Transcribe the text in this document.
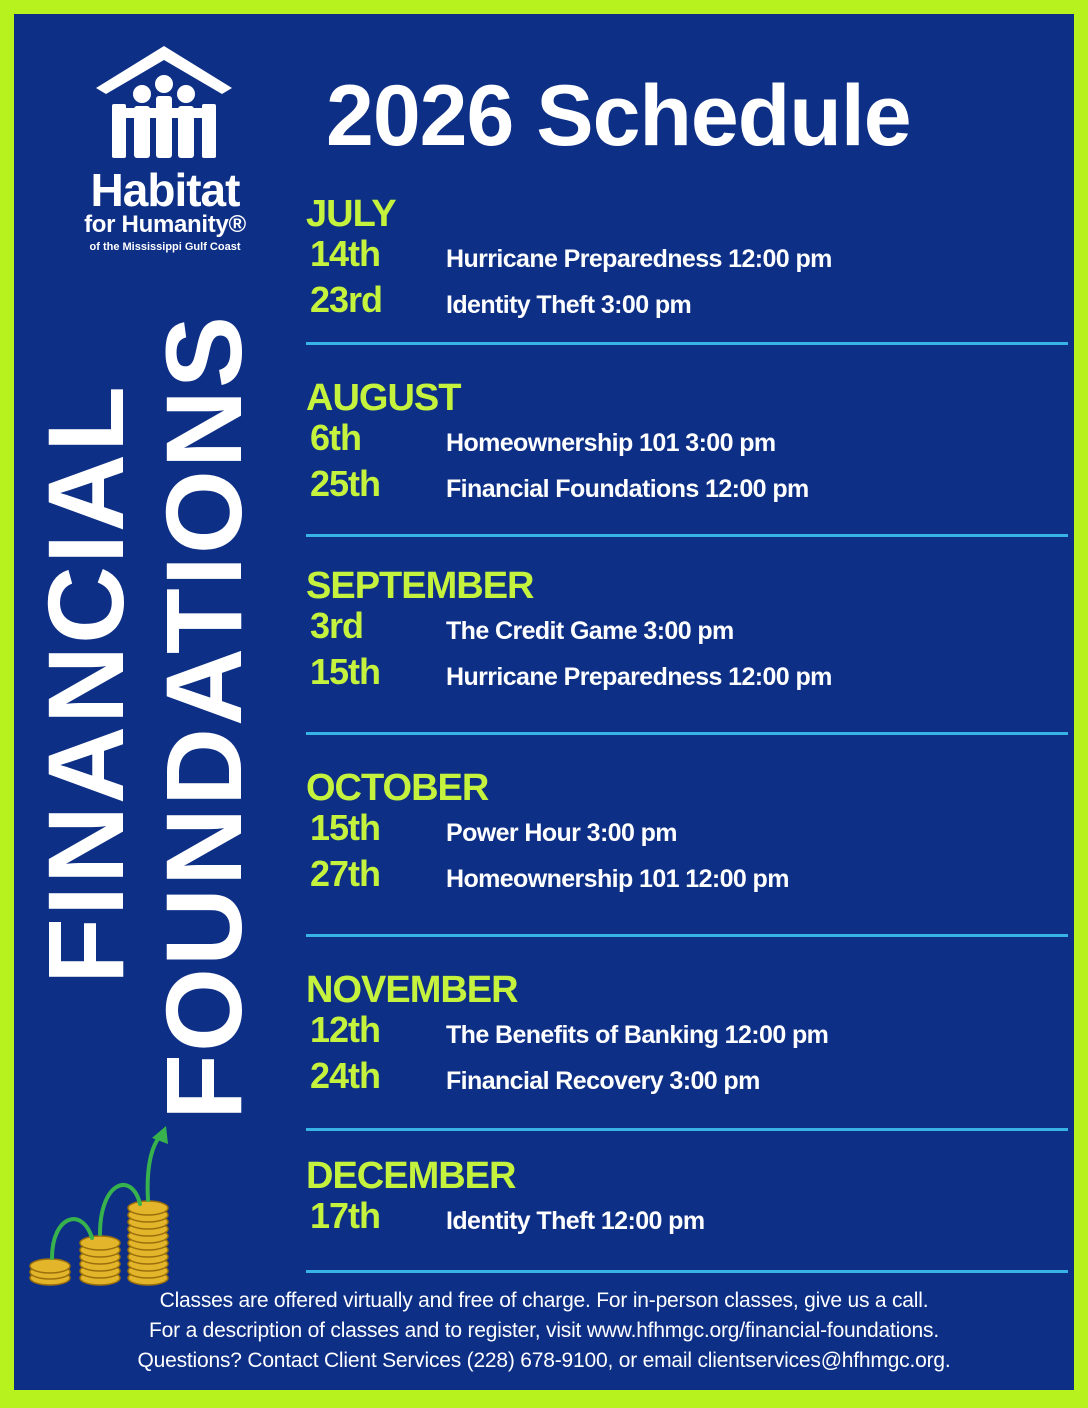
Habitat
for Humanity®
of the Mississippi Gulf Coast
2026 Schedule
FINANCIAL
FOUNDATIONS
JULY
14th	Hurricane Preparedness 12:00 pm
23rd	Identity Theft 3:00 pm
AUGUST
6th	Homeownership 101 3:00 pm
25th	Financial Foundations 12:00 pm
SEPTEMBER
3rd	The Credit Game 3:00 pm
15th	Hurricane Preparedness 12:00 pm
OCTOBER
15th	Power Hour 3:00 pm
27th	Homeownership 101 12:00 pm
NOVEMBER
12th	The Benefits of Banking 12:00 pm
24th	Financial Recovery 3:00 pm
DECEMBER
17th	Identity Theft 12:00 pm
Classes are offered virtually and free of charge. For in-person classes, give us a call.
For a description of classes and to register, visit www.hfhmgc.org/financial-foundations.
Questions? Contact Client Services (228) 678-9100, or email clientservices@hfhmgc.org.
